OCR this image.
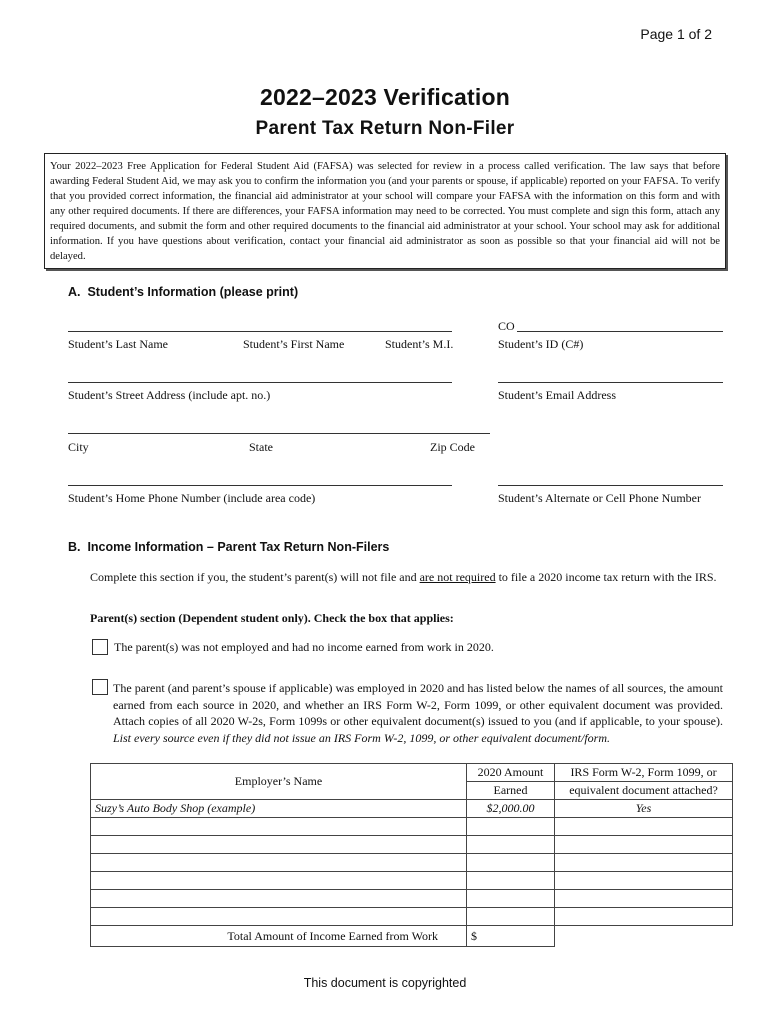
Page 1 of 2
2022–2023 Verification
Parent Tax Return Non-Filer
Your 2022–2023 Free Application for Federal Student Aid (FAFSA) was selected for review in a process called verification. The law says that before awarding Federal Student Aid, we may ask you to confirm the information you (and your parents or spouse, if applicable) reported on your FAFSA. To verify that you provided correct information, the financial aid administrator at your school will compare your FAFSA with the information on this form and with any other required documents. If there are differences, your FAFSA information may need to be corrected. You must complete and sign this form, attach any required documents, and submit the form and other required documents to the financial aid administrator at your school. Your school may ask for additional information. If you have questions about verification, contact your financial aid administrator as soon as possible so that your financial aid will not be delayed.
A.  Student’s Information (please print)
Student’s Last Name	Student’s First Name	Student’s M.I.
CO
Student’s ID (C#)
Student’s Street Address (include apt. no.)	Student’s Email Address
City	State	Zip Code
Student’s Home Phone Number (include area code)	Student’s Alternate or Cell Phone Number
B.  Income Information – Parent Tax Return Non-Filers
Complete this section if you, the student’s parent(s) will not file and are not required to file a 2020 income tax return with the IRS.
Parent(s) section (Dependent student only). Check the box that applies:
The parent(s) was not employed and had no income earned from work in 2020.
The parent (and parent’s spouse if applicable) was employed in 2020 and has listed below the names of all sources, the amount earned from each source in 2020, and whether an IRS Form W-2, Form 1099, or other equivalent document was provided. Attach copies of all 2020 W-2s, Form 1099s or other equivalent document(s) issued to you (and if applicable, to your spouse). List every source even if they did not issue an IRS Form W-2, 1099, or other equivalent document/form.
Employer’s Name	2020 Amount	IRS Form W-2, Form 1099, or
	Earned	equivalent document attached?
Suzy’s Auto Body Shop (example)	$2,000.00	Yes

Total Amount of Income Earned from Work	$	
This document is copyrighted
